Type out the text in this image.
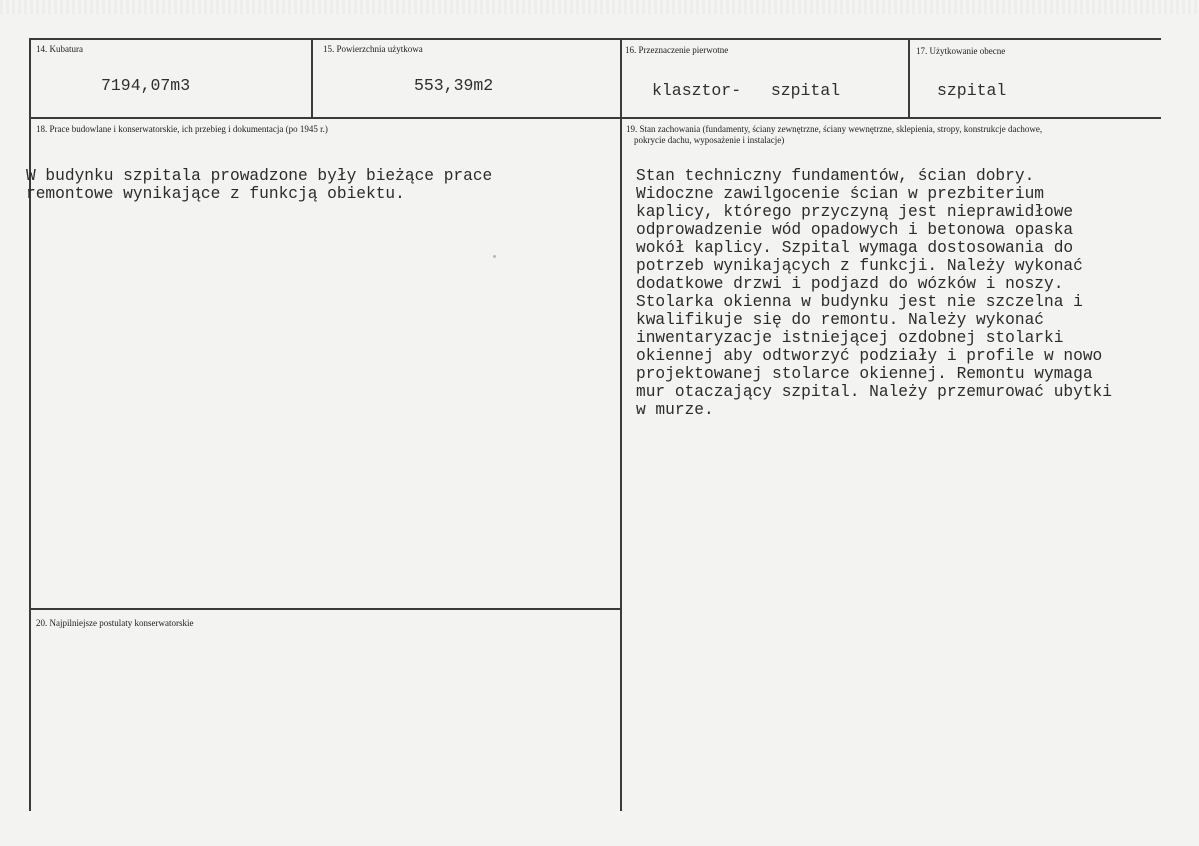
14. Kubatura
7194,07m3
15. Powierzchnia użytkowa
553,39m2
16. Przeznaczenie pierwotne
klasztor-   szpital
17. Użytkowanie obecne
szpital
18. Prace budowlane i konserwatorskie, ich przebieg i dokumentacja (po 1945 r.)
W budynku szpitala prowadzone były bieżące prace
remontowe wynikające z funkcją obiektu.
19. Stan zachowania (fundamenty, ściany zewnętrzne, ściany wewnętrzne, sklepienia, stropy, konstrukcje dachowe,
pokrycie dachu, wyposażenie i instalacje)
Stan techniczny fundamentów, ścian dobry.
Widoczne zawilgocenie ścian w prezbiterium
kaplicy, którego przyczyną jest nieprawidłowe
odprowadzenie wód opadowych i betonowa opaska
wokół kaplicy. Szpital wymaga dostosowania do
potrzeb wynikających z funkcji. Należy wykonać
dodatkowe drzwi i podjazd do wózków i noszy.
Stolarka okienna w budynku jest nie szczelna i
kwalifikuje się do remontu. Należy wykonać
inwentaryzacje istniejącej ozdobnej stolarki
okiennej aby odtworzyć podziały i profile w nowo
projektowanej stolarce okiennej. Remontu wymaga
mur otaczający szpital. Należy przemurować ubytki
w murze.
20. Najpilniejsze postulaty konserwatorskie
